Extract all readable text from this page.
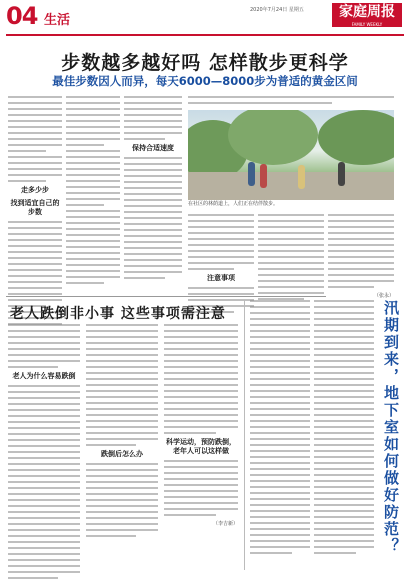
04 生活
2020年7月24日 星期五	家庭周报
FAMILY WEEKLY
步数越多越好吗 怎样散步更科学
最佳步数因人而异，每天6000—8000步为普适的黄金区间
走多少步
找到适宜自己的步数
保持合适速度
在社区的林荫道上，人们正在结伴散步。
注意事项
（张永）
老人跌倒非小事 这些事项需注意
老人为什么容易跌倒
跌倒后怎么办
科学运动，预防跌倒，老年人可以这样做
（李吉新）	汛期到来，地下室如何做好防范？
